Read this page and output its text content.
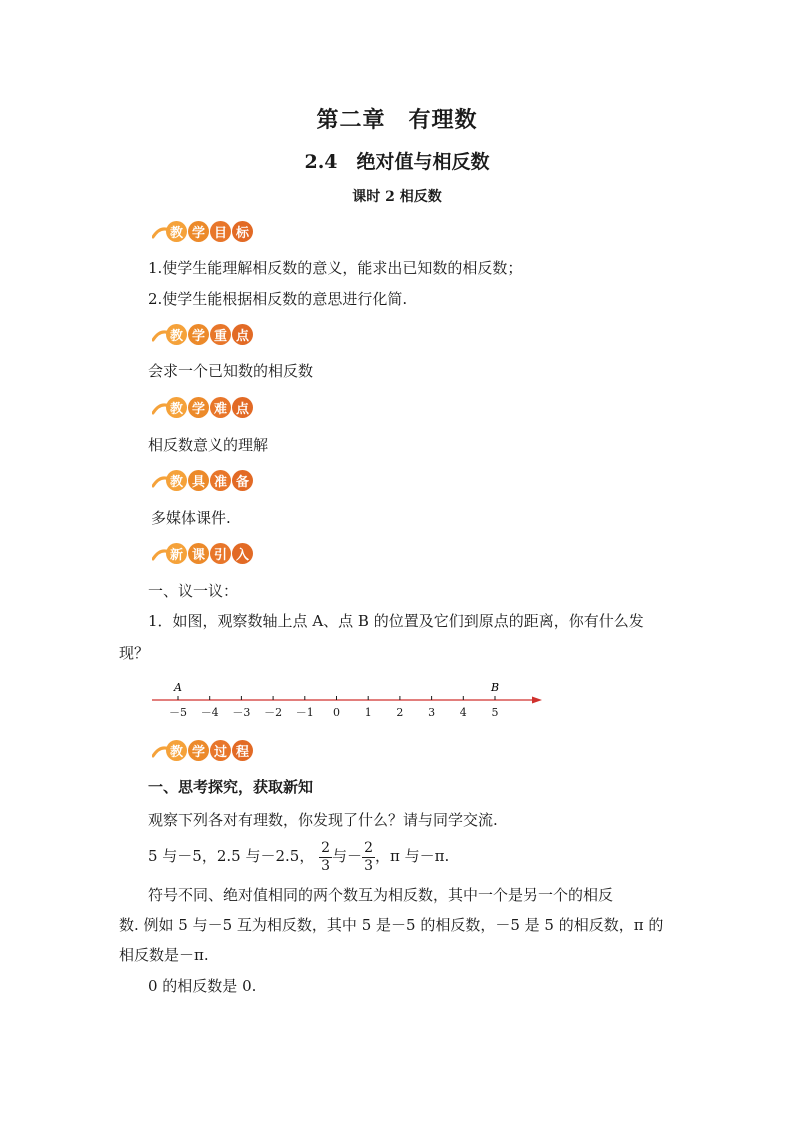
第二章　有理数
2.4　绝对值与相反数
课时 2 相反数
教 学 目 标
1.使学生能理解相反数的意义，能求出已知数的相反数；
2.使学生能根据相反数的意思进行化简.
教 学 重 点
会求一个已知数的相反数
教 学 难 点
相反数意义的理解
教 具 准 备
多媒体课件.
新 课 引 入
一、议一议：
1．如图，观察数轴上点 A、点 B 的位置及它们到原点的距离，你有什么发
现？
－5 －4 －3 －2 －1 0 1 2 3 4 5
A	B
教 学 过 程
一、思考探究，获取新知
观察下列各对有理数，你发现了什么？请与同学交流.
5 与－5，2.5 与－2.5， $\frac{2}{3}$ 与－ $\frac{2}{3}$ ，π 与－π.
符号不同、绝对值相同的两个数互为相反数，其中一个是另一个的相反
数. 例如 5 与－5 互为相反数，其中 5 是－5 的相反数，－5 是 5 的相反数，π 的
相反数是－π.
0 的相反数是 0.
